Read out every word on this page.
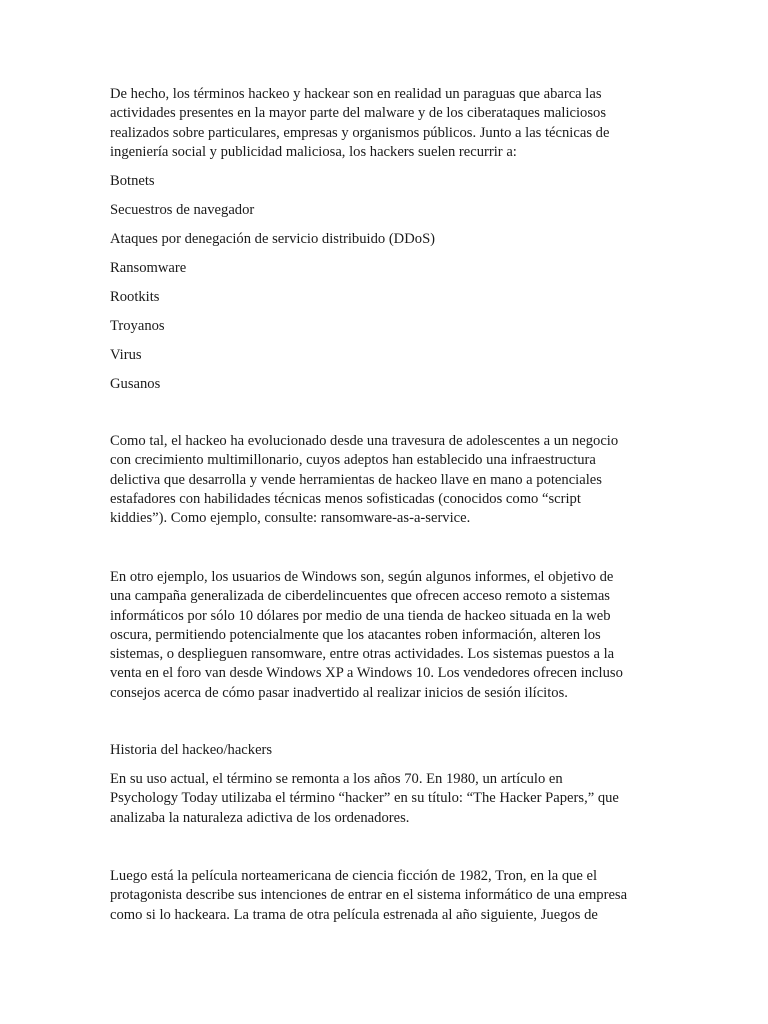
De hecho, los términos hackeo y hackear son en realidad un paraguas que abarca las
actividades presentes en la mayor parte del malware y de los ciberataques maliciosos
realizados sobre particulares, empresas y organismos públicos. Junto a las técnicas de
ingeniería social y publicidad maliciosa, los hackers suelen recurrir a:

Botnets

Secuestros de navegador

Ataques por denegación de servicio distribuido (DDoS)

Ransomware

Rootkits

Troyanos

Virus

Gusanos

Como tal, el hackeo ha evolucionado desde una travesura de adolescentes a un negocio
con crecimiento multimillonario, cuyos adeptos han establecido una infraestructura
delictiva que desarrolla y vende herramientas de hackeo llave en mano a potenciales
estafadores con habilidades técnicas menos sofisticadas (conocidos como “script
kiddies”). Como ejemplo, consulte: ransomware-as-a-service.

En otro ejemplo, los usuarios de Windows son, según algunos informes, el objetivo de
una campaña generalizada de ciberdelincuentes que ofrecen acceso remoto a sistemas
informáticos por sólo 10 dólares por medio de una tienda de hackeo situada en la web
oscura, permitiendo potencialmente que los atacantes roben información, alteren los
sistemas, o desplieguen ransomware, entre otras actividades. Los sistemas puestos a la
venta en el foro van desde Windows XP a Windows 10. Los vendedores ofrecen incluso
consejos acerca de cómo pasar inadvertido al realizar inicios de sesión ilícitos.

Historia del hackeo/hackers

En su uso actual, el término se remonta a los años 70. En 1980, un artículo en
Psychology Today utilizaba el término “hacker” en su título: “The Hacker Papers,” que
analizaba la naturaleza adictiva de los ordenadores.

Luego está la película norteamericana de ciencia ficción de 1982, Tron, en la que el
protagonista describe sus intenciones de entrar en el sistema informático de una empresa
como si lo hackeara. La trama de otra película estrenada al año siguiente, Juegos de
